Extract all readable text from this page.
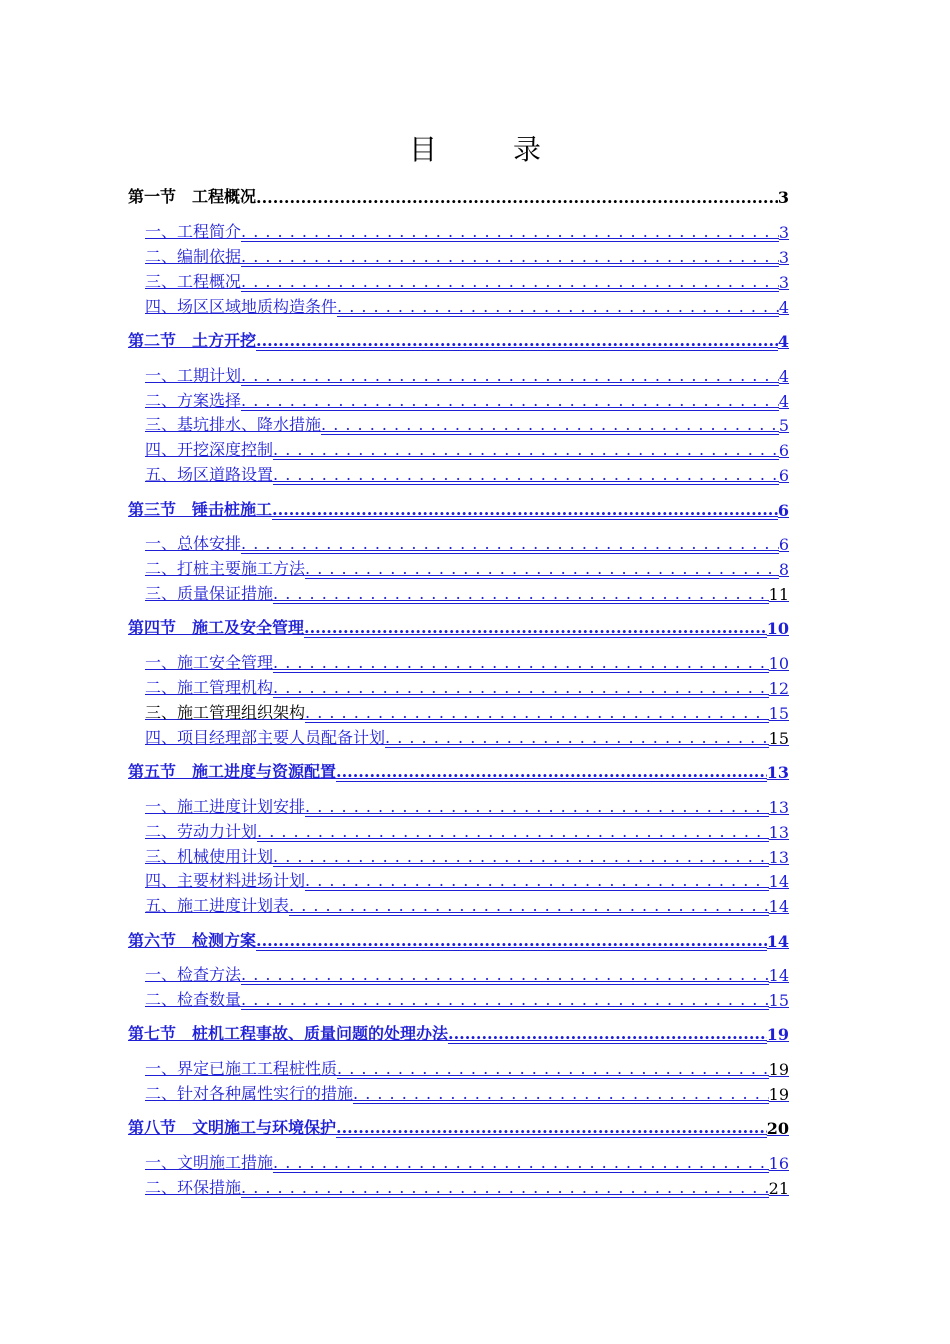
目　录
第一节　工程概况 .....	3
一、工程简介 . . .	3
二、编制依据 . . .	3
三、工程概况 . . .	3
四、场区区域地质构造条件 . . .	4
第二节　土方开挖 .....	4
一、工期计划 . . .	4
二、方案选择 . . .	4
三、基坑排水、降水措施 . . .	5
四、开挖深度控制 . . .	6
五、场区道路设置 . . .	6
第三节　锤击桩施工 .....	6
一、总体安排 . . .	6
二、打桩主要施工方法 . . .	8
三、质量保证措施 . . .	11
第四节　施工及安全管理 .....	10
一、施工安全管理 . . .	10
二、施工管理机构 . . .	12
三、施工管理组织架构 . . .	15
四、项目经理部主要人员配备计划 . . .	15
第五节　施工进度与资源配置 .....	13
一、施工进度计划安排 . . .	13
二、劳动力计划 . . .	13
三、机械使用计划 . . .	13
四、主要材料进场计划 . . .	14
五、施工进度计划表 . . .	14
第六节　检测方案 .....	14
一、检查方法 . . .	14
二、检查数量 . . .	15
第七节　桩机工程事故、质量问题的处理办法 .....	19
一、界定已施工工程桩性质 . . .	19
二、针对各种属性实行的措施 . . .	19
第八节　文明施工与环境保护 .....	20
一、文明施工措施 . . .	16
二、环保措施 . . .	21
